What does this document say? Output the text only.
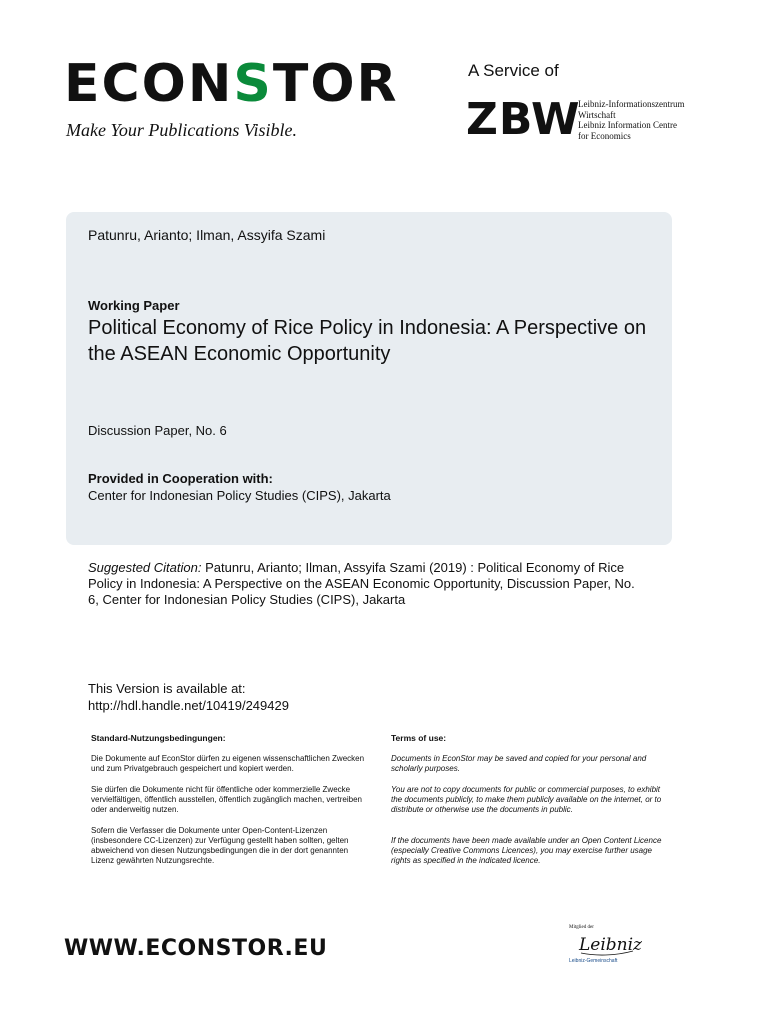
ECONSTOR
Make Your Publications Visible.
A Service of
ZBW
Leibniz-Informationszentrum
Wirtschaft
Leibniz Information Centre
for Economics
Patunru, Arianto; Ilman, Assyifa Szami
Working Paper
Political Economy of Rice Policy in Indonesia: A Perspective on the ASEAN Economic Opportunity
Discussion Paper, No. 6
Provided in Cooperation with:
Center for Indonesian Policy Studies (CIPS), Jakarta
Suggested Citation: Patunru, Arianto; Ilman, Assyifa Szami (2019) : Political Economy of Rice Policy in Indonesia: A Perspective on the ASEAN Economic Opportunity, Discussion Paper, No. 6, Center for Indonesian Policy Studies (CIPS), Jakarta
This Version is available at:
http://hdl.handle.net/10419/249429
Standard-Nutzungsbedingungen:
Die Dokumente auf EconStor dürfen zu eigenen wissenschaftlichen Zwecken und zum Privatgebrauch gespeichert und kopiert werden.
Sie dürfen die Dokumente nicht für öffentliche oder kommerzielle Zwecke vervielfältigen, öffentlich ausstellen, öffentlich zugänglich machen, vertreiben oder anderweitig nutzen.
Sofern die Verfasser die Dokumente unter Open-Content-Lizenzen (insbesondere CC-Lizenzen) zur Verfügung gestellt haben sollten, gelten abweichend von diesen Nutzungsbedingungen die in der dort genannten Lizenz gewährten Nutzungsrechte.
Terms of use:
Documents in EconStor may be saved and copied for your personal and scholarly purposes.
You are not to copy documents for public or commercial purposes, to exhibit the documents publicly, to make them publicly available on the internet, or to distribute or otherwise use the documents in public.
If the documents have been made available under an Open Content Licence (especially Creative Commons Licences), you may exercise further usage rights as specified in the indicated licence.
WWW.ECONSTOR.EU
Mitglied der
Leibniz
Leibniz-Gemeinschaft
